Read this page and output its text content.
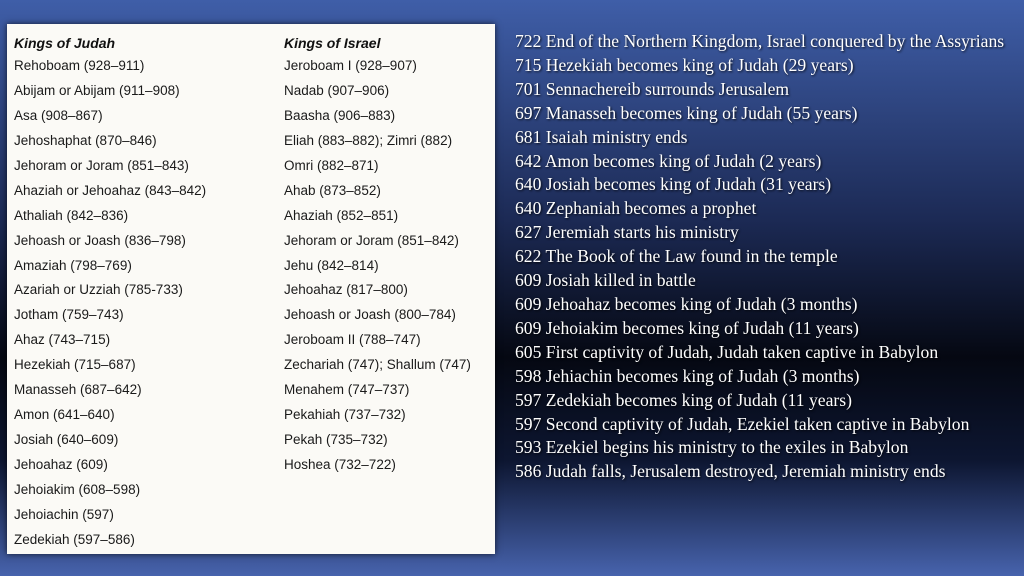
Kings of Judah
Rehoboam (928–911)
Abijam or Abijam (911–908)
Asa (908–867)
Jehoshaphat (870–846)
Jehoram or Joram (851–843)
Ahaziah or Jehoahaz (843–842)
Athaliah (842–836)
Jehoash or Joash (836–798)
Amaziah (798–769)
Azariah or Uzziah (785-733)
Jotham (759–743)
Ahaz (743–715)
Hezekiah (715–687)
Manasseh (687–642)
Amon (641–640)
Josiah (640–609)
Jehoahaz (609)
Jehoiakim (608–598)
Jehoiachin (597)
Zedekiah (597–586)
Kings of Israel
Jeroboam I (928–907)
Nadab (907–906)
Baasha (906–883)
Eliah (883–882); Zimri (882)
Omri (882–871)
Ahab (873–852)
Ahaziah (852–851)
Jehoram or Joram (851–842)
Jehu (842–814)
Jehoahaz (817–800)
Jehoash or Joash (800–784)
Jeroboam II (788–747)
Zechariah (747); Shallum (747)
Menahem (747–737)
Pekahiah (737–732)
Pekah (735–732)
Hoshea (732–722)
722 End of the Northern Kingdom, Israel conquered by the Assyrians
715 Hezekiah becomes king of Judah (29 years)
701 Sennachereib surrounds Jerusalem
697 Manasseh becomes king of Judah (55 years)
681 Isaiah ministry ends
642 Amon becomes king of Judah (2 years)
640 Josiah becomes king of Judah (31 years)
640 Zephaniah becomes a prophet
627 Jeremiah starts his ministry
622 The Book of the Law found in the temple
609 Josiah killed in battle
609 Jehoahaz becomes king of Judah (3 months)
609 Jehoiakim becomes king of Judah (11 years)
605 First captivity of Judah, Judah taken captive in Babylon
598 Jehiachin becomes king of Judah (3 months)
597 Zedekiah becomes king of Judah (11 years)
597 Second captivity of Judah, Ezekiel taken captive in Babylon
593 Ezekiel begins his ministry to the exiles in Babylon
586 Judah falls, Jerusalem destroyed, Jeremiah ministry ends
